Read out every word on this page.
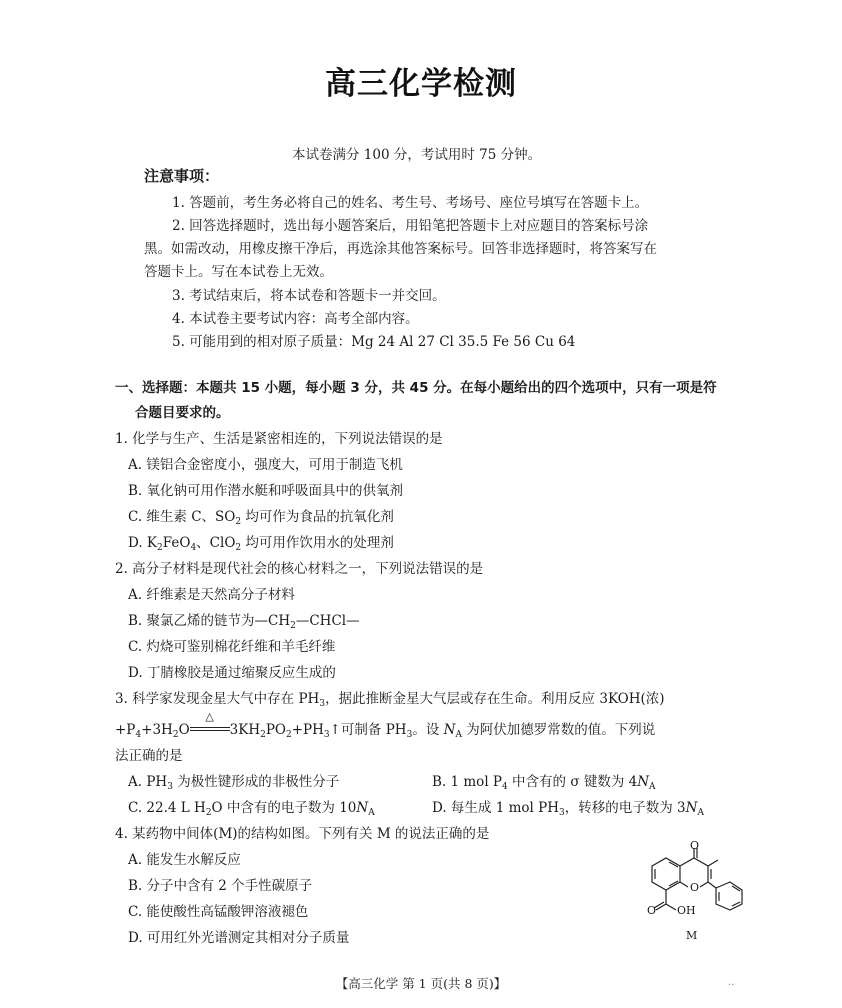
高三化学检测
本试卷满分 100 分，考试用时 75 分钟。
注意事项：
1. 答题前，考生务必将自己的姓名、考生号、考场号、座位号填写在答题卡上。
2. 回答选择题时，选出每小题答案后，用铅笔把答题卡上对应题目的答案标号涂
黑。如需改动，用橡皮擦干净后，再选涂其他答案标号。回答非选择题时，将答案写在
答题卡上。写在本试卷上无效。
3. 考试结束后，将本试卷和答题卡一并交回。
4. 本试卷主要考试内容：高考全部内容。
5. 可能用到的相对原子质量：Mg 24 Al 27 Cl 35.5 Fe 56 Cu 64
一、选择题：本题共 15 小题，每小题 3 分，共 45 分。在每小题给出的四个选项中，只有一项是符
合题目要求的。
1. 化学与生产、生活是紧密相连的，下列说法错误的是
A. 镁铝合金密度小，强度大，可用于制造飞机
B. 氧化钠可用作潜水艇和呼吸面具中的供氧剂
C. 维生素 C、$SO_2$ 均可作为食品的抗氧化剂
D. $K_2FeO_4$、ClO$_2$ 均可用作饮用水的处理剂
2. 高分子材料是现代社会的核心材料之一，下列说法错误的是
A. 纤维素是天然高分子材料
B. 聚氯乙烯的链节为$—CH_2—CHCl—$
C. 灼烧可鉴别棉花纤维和羊毛纤维
D. 丁腈橡胶是通过缩聚反应生成的
3. 科学家发现金星大气中存在 $PH_3$，据此推断金星大气层或存在生命。利用反应 3KOH(浓)
$+P_4+3H_2O$
△
$3KH_2PO_2+PH_3↑$可制备 $PH_3$。设 $N_A$ 为阿伏加德罗常数的值。下列说
法正确的是
A. $PH_3$ 为极性键形成的非极性分子	B. 1 mol $P_4$ 中含有的 σ 键数为 $4N_A$
C. 22.4 L $H_2O$ 中含有的电子数为 $10N_A$	D. 每生成 1 mol $PH_3$，转移的电子数为 $3N_A$
4. 某药物中间体(M)的结构如图。下列有关 M 的说法正确的是
A. 能发生水解反应
B. 分子中含有 2 个手性碳原子
C. 能使酸性高锰酸钾溶液褪色
D. 可用红外光谱测定其相对分子质量
O
O
O OH
M
【高三化学 第 1 页(共 8 页)】	··
